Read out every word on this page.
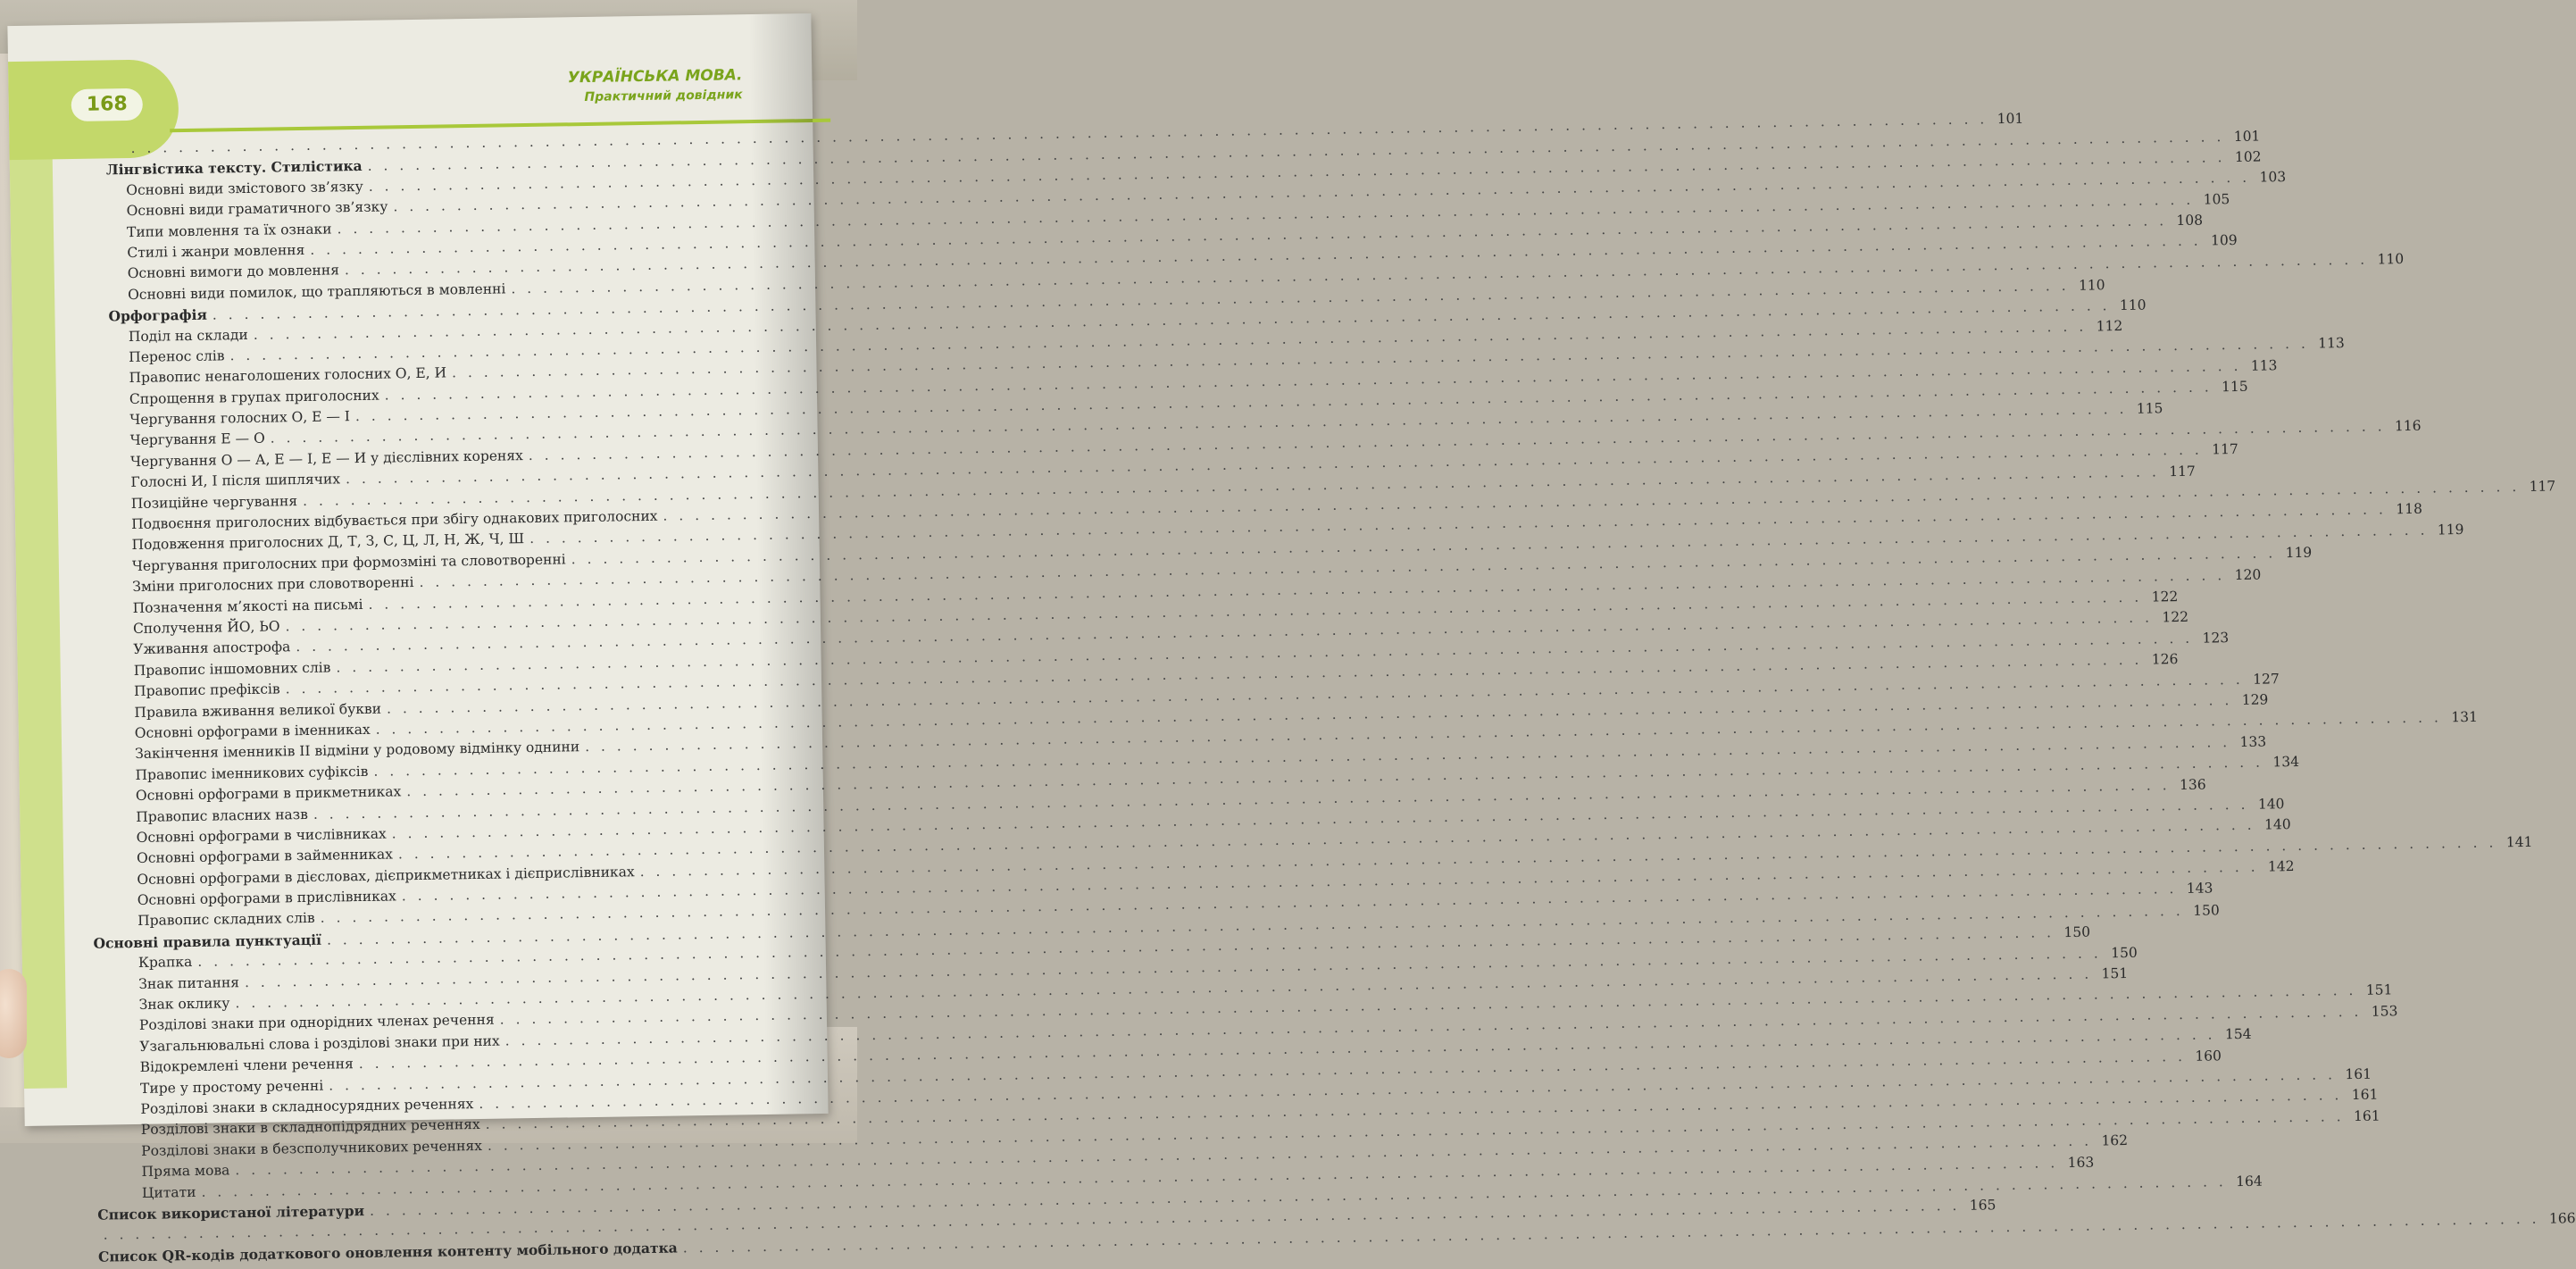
168
УКРАЇНСЬКА МОВА.
Практичний довідник
. . .
101
Лінгвістика тексту. Стилістика
. . .
101
Основні види змістового зв’язку
. . .
102
Основні види граматичного зв’язку
. . .
103
Типи мовлення та їх ознаки
. . .
105
Стилі і жанри мовлення
. . .
108
Основні вимоги до мовлення
. . .
109
Основні види помилок, що трапляються в мовленні
. . .
110
Орфографія
. . .
110
Поділ на склади
. . .
110
Перенос слів
. . .
112
Правопис ненаголошених голосних О, Е, И
. . .
113
Спрощення в групах приголосних
. . .
113
Чергування голосних О, Е — І
. . .
115
Чергування Е — О
. . .
115
Чергування О — А, Е — І, Е — И у дієслівних коренях
. . .
116
Голосні И, І після шиплячих
. . .
117
Позиційне чергування
. . .
117
Подвоєння приголосних відбувається при збігу однакових приголосних
. . .
117
Подовження приголосних Д, Т, З, С, Ц, Л, Н, Ж, Ч, Ш
. . .
118
Чергування приголосних при формозміні та словотворенні
. . .
119
Зміни приголосних при словотворенні
. . .
119
Позначення м’якості на письмі
. . .
120
Сполучення ЙО, ЬО
. . .
122
Уживання апострофа
. . .
122
Правопис іншомовних слів
. . .
123
Правопис префіксів
. . .
126
Правила вживання великої букви
. . .
127
Основні орфограми в іменниках
. . .
129
Закінчення іменників ІІ відміни у родовому відмінку однини
. . .
131
Правопис іменникових суфіксів
. . .
133
Основні орфограми в прикметниках
. . .
134
Правопис власних назв
. . .
136
Основні орфограми в числівниках
. . .
140
Основні орфограми в займенниках
. . .
140
Основні орфограми в дієсловах, дієприкметниках і дієприслівниках
. . .
141
Основні орфограми в прислівниках
. . .
142
Правопис складних слів
. . .
143
Основні правила пунктуації
. . .
150
Крапка
. . .
150
Знак питання
. . .
150
Знак оклику
. . .
151
Розділові знаки при однорідних членах речення
. . .
151
Узагальнювальні слова і розділові знаки при них
. . .
153
Відокремлені члени речення
. . .
154
Тире у простому реченні
. . .
160
Розділові знаки в складносурядних реченнях
. . .
161
Розділові знаки в складнопідрядних реченнях
. . .
161
Розділові знаки в безсполучникових реченнях
. . .
161
Пряма мова
. . .
162
Цитати
. . .
163
Список використаної літератури
. . .
164
. . .
165
Список QR-кодів додаткового оновлення контенту мобільного додатка
. . .
166
